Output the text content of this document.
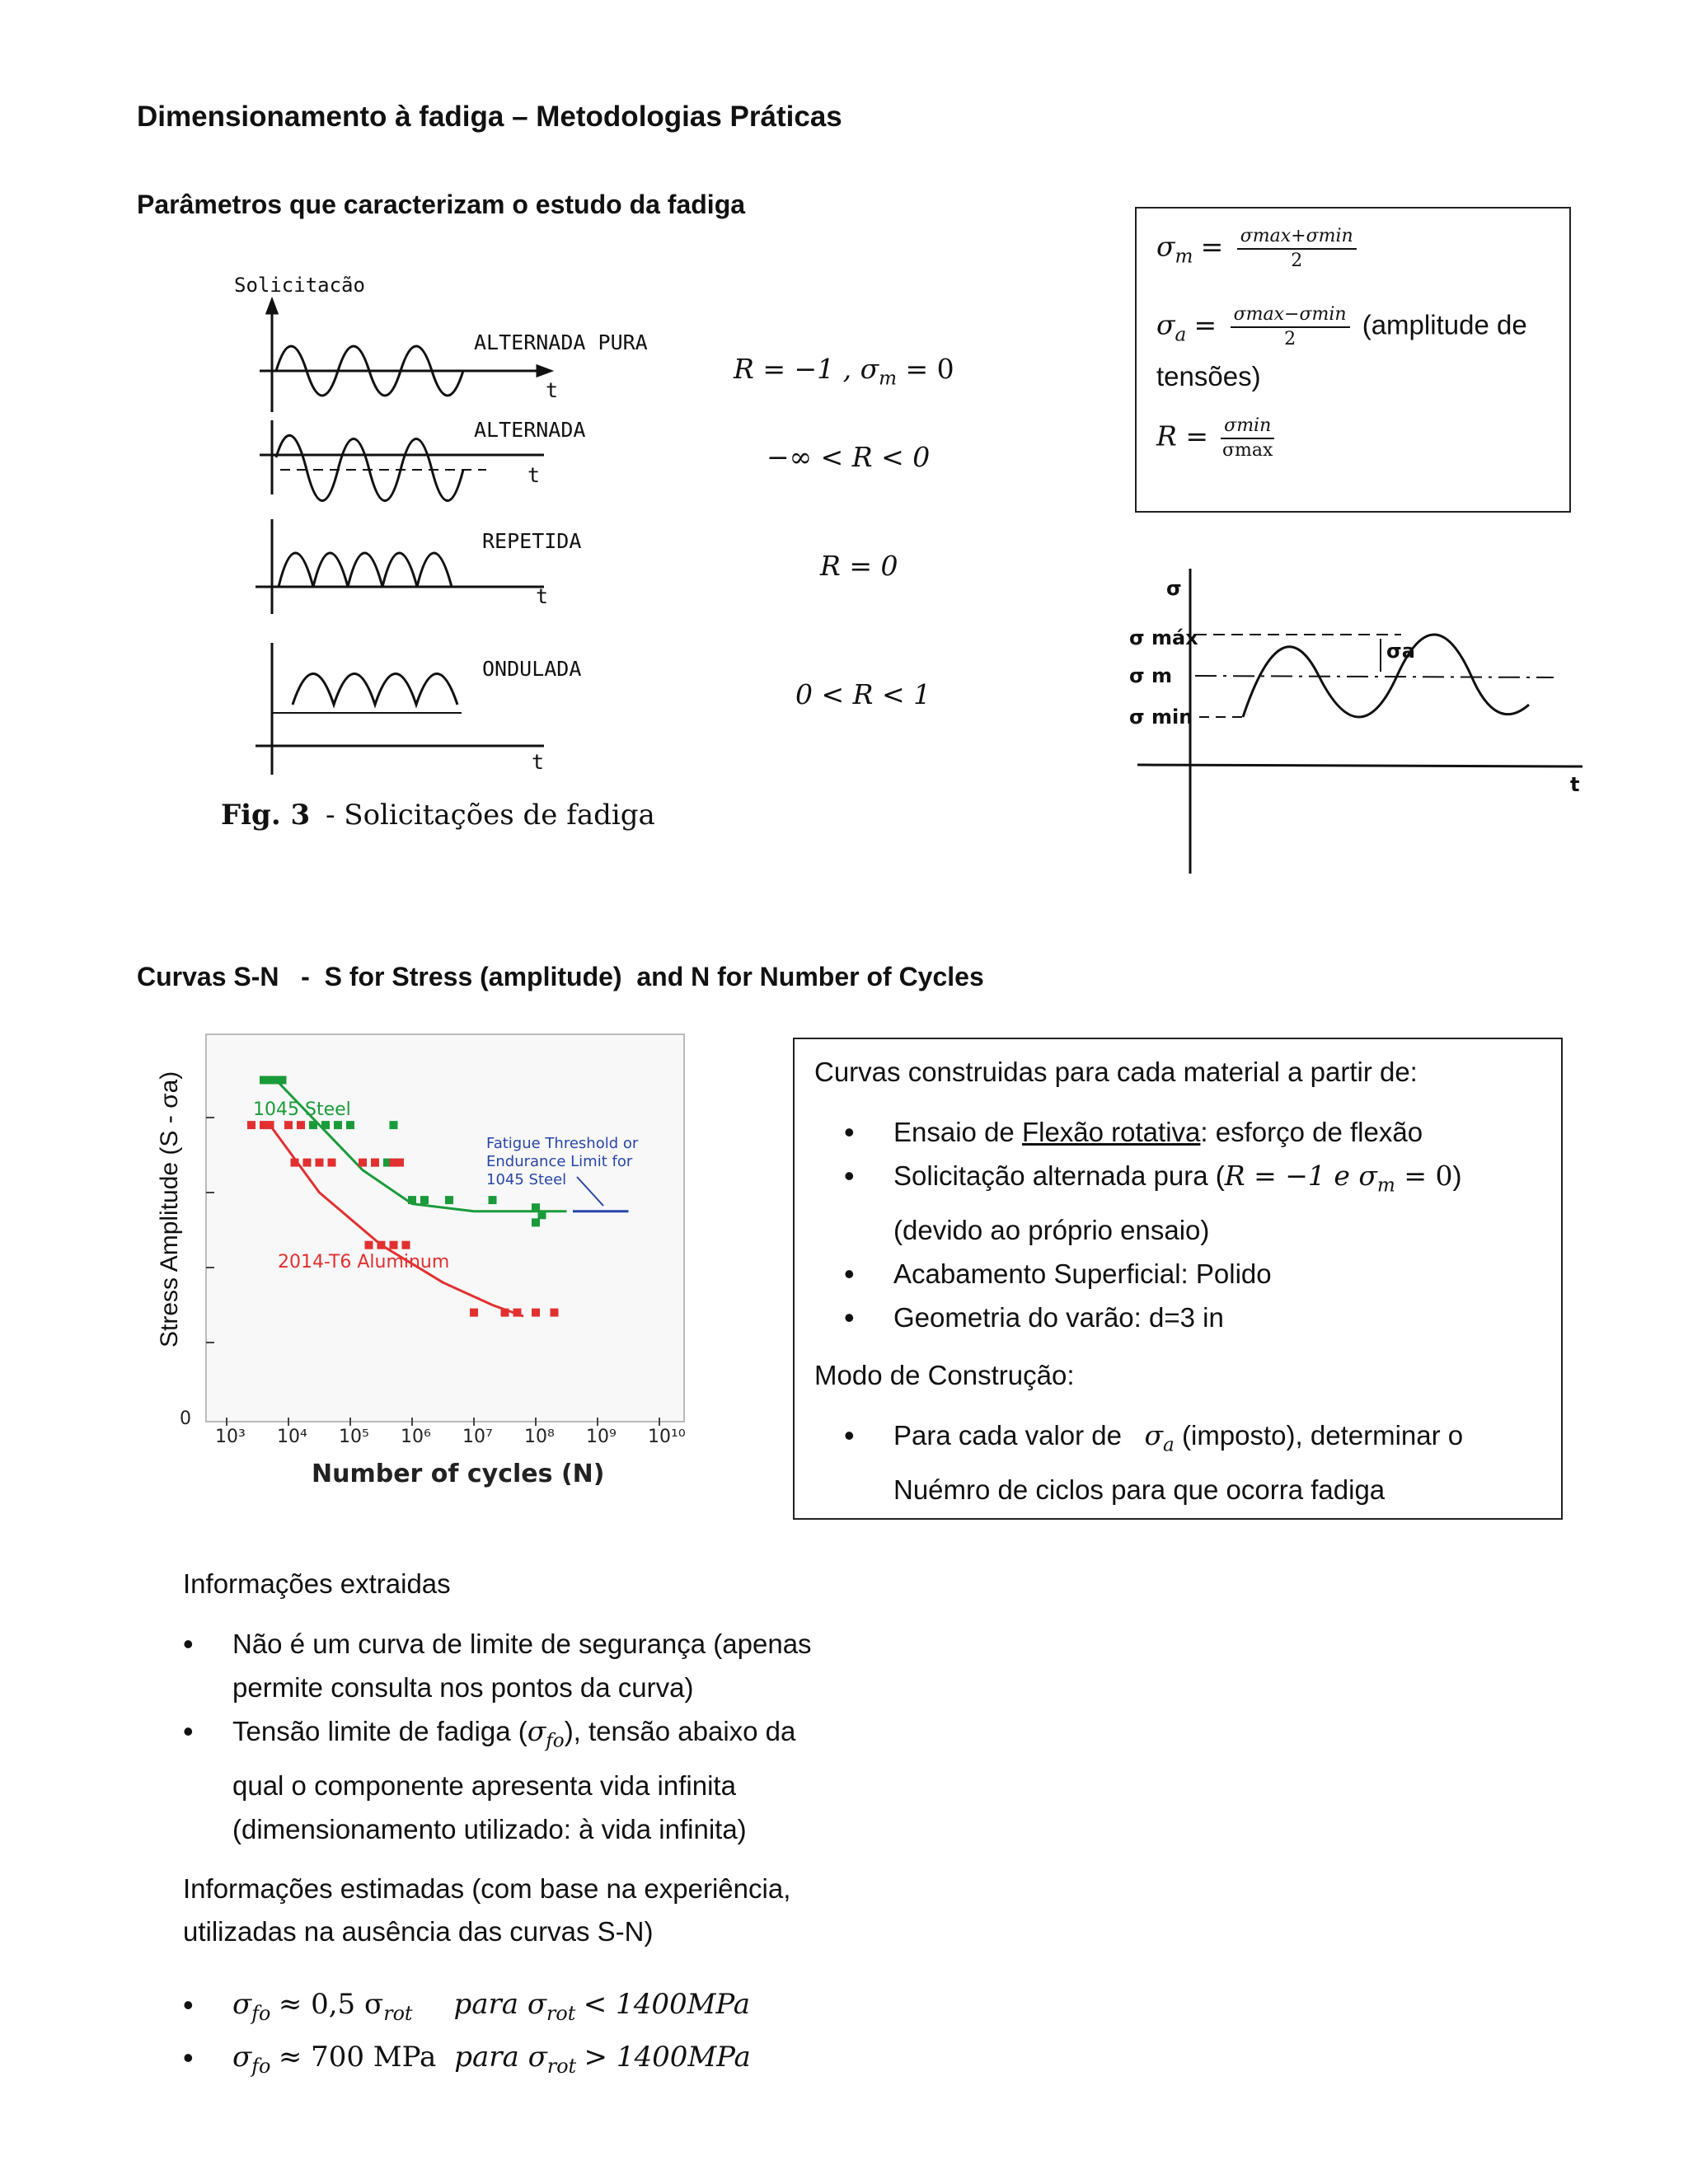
Dimensionamento à fadiga – Metodologias Práticas
Parâmetros que caracterizam o estudo da fadiga
Solicitacão
ALTERNADA PURA
ALTERNADA
REPETIDA
ONDULADA
t
t
t
t
Fig. 3 - Solicitações de fadiga
R = −1 , $\sigma_m = 0$
−∞ < R < 0
R = 0
0 < R < 1
$\sigma_m = \frac{\sigma\max+\sigma\min}{2}$
$\sigma_a = \frac{\sigma\max-\sigma\min}{2}$ (amplitude de
tensões)
$R = \frac{\sigma\min}{\sigma\max}$
σ
σ máx
σ m
σ min
σa
t
Curvas S-N   -  S for Stress (amplitude)  and N for Number of Cycles
Stress Amplitude (S - σa)
Number of cycles (N)
0
10³ 10⁴ 10⁵ 10⁶ 10⁷ 10⁸ 10⁹ 10¹⁰
Fatigue Threshold or
Endurance Limit for
1045 Steel
1045 Steel
2014-T6 Aluminum
Curvas construidas para cada material a partir de:
• Ensaio de Flexão rotativa: esforço de flexão
• Solicitação alternada pura (R = −1 e $\sigma_m = 0$)
(devido ao próprio ensaio)
• Acabamento Superficial: Polido
• Geometria do varão: d=3 in
Modo de Construção:
• Para cada valor de   $\sigma_a$ (imposto), determinar o
Nuémro de ciclos para que ocorra fadiga
Informações extraidas
• Não é um curva de limite de segurança (apenas
permite consulta nos pontos da curva)
• Tensão limite de fadiga $(\sigma_{fo})$, tensão abaixo da
qual o componente apresenta vida infinita
(dimensionamento utilizado: à vida infinita)
Informações estimadas (com base na experiência,
utilizadas na ausência das curvas S-N)
• $\sigma_{fo} \approx 0,5$ $\sigma_{rot}$ para $\sigma_{rot} < 1400MPa$
• $\sigma_{fo} \approx 700$ MPa para $\sigma_{rot} > 1400MPa$
